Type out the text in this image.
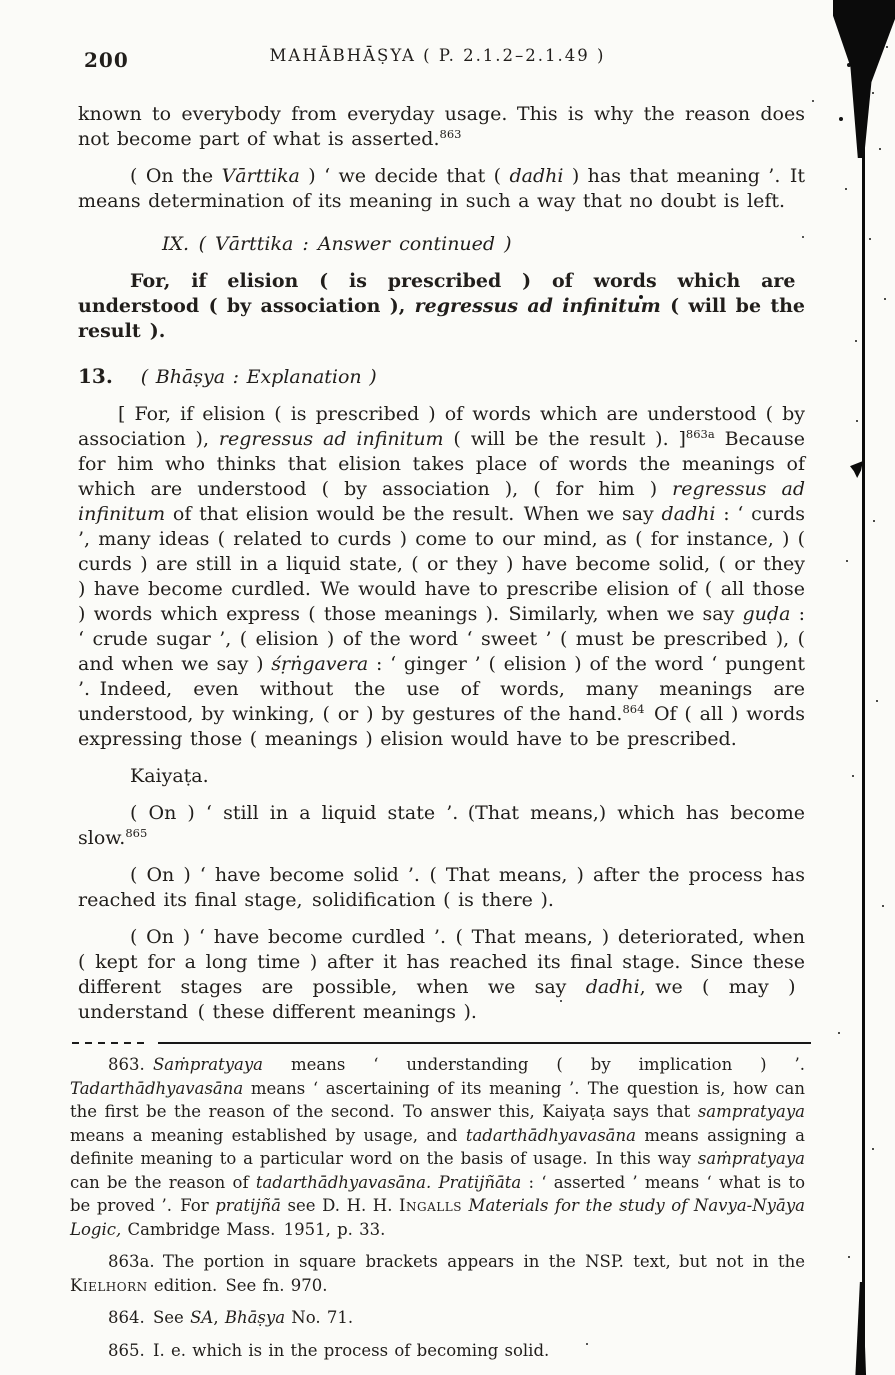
200	MAHĀBHĀṢYA ( P. 2.1.2–2.1.49 )

known to everybody from everyday usage. This is why the reason does not become part of what is asserted.$^{863}$

( On the Vārttika ) ‘ we decide that ( dadhi ) has that meaning ’. It means determination of its meaning in such a way that no doubt is left.

IX. ( Vārttika : Answer continued )

For, if elision ( is prescribed ) of words which are understood ( by association ), regressus ad infinitum ( will be the result ).

13. ( Bhāṣya : Explanation )

[ For, if elision ( is prescribed ) of words which are understood ( by association ), regressus ad infinitum ( will be the result ). ]$^{863a}$ Because for him who thinks that elision takes place of words the meanings of which are understood ( by association ), ( for him ) regressus ad infinitum of that elision would be the result. When we say dadhi : ‘ curds ’, many ideas ( related to curds ) come to our mind, as ( for instance, ) ( curds ) are still in a liquid state, ( or they ) have become solid, ( or they ) have become curdled. We would have to prescribe elision of ( all those ) words which express ( those meanings ). Similarly, when we say guḍa : ‘ crude sugar ’, ( elision ) of the word ‘ sweet ’ ( must be prescribed ), ( and when we say ) śṛṅgavera : ‘ ginger ’ ( elision ) of the word ‘ pungent ’. Indeed, even without the use of words, many meanings are understood, by winking, ( or ) by gestures of the hand.$^{864}$ Of ( all ) words expressing those ( meanings ) elision would have to be prescribed.

Kaiyaṭa.

( On ) ‘ still in a liquid state ’. (That means,) which has become slow.$^{865}$

( On ) ‘ have become solid ’. ( That means, ) after the process has reached its final stage, solidification ( is there ).

( On ) ‘ have become curdled ’. ( That means, ) deteriorated, when ( kept for a long time ) after it has reached its final stage. Since these different stages are possible, when we say dadhi, we ( may ) understand ( these different meanings ).

863. Saṁpratyaya means ‘ understanding ( by implication ) ’. Tadarthādhyavasāna means ‘ ascertaining of its meaning ’. The question is, how can the first be the reason of the second. To answer this, Kaiyaṭa says that sampratyaya means a meaning established by usage, and tadarthādhyavasāna means assigning a definite meaning to a particular word on the basis of usage. In this way saṁpratyaya can be the reason of tadarthādhyavasāna. Pratijñāta : ‘ asserted ’ means ‘ what is to be proved ’. For pratijñā see D. H. H. Ingalls Materials for the study of Navya-Nyāya Logic, Cambridge Mass. 1951, p. 33.

863a. The portion in square brackets appears in the NSP. text, but not in the Kielhorn edition. See fn. 970.

864. See SA, Bhāṣya No. 71.

865. I. e. which is in the process of becoming solid.
